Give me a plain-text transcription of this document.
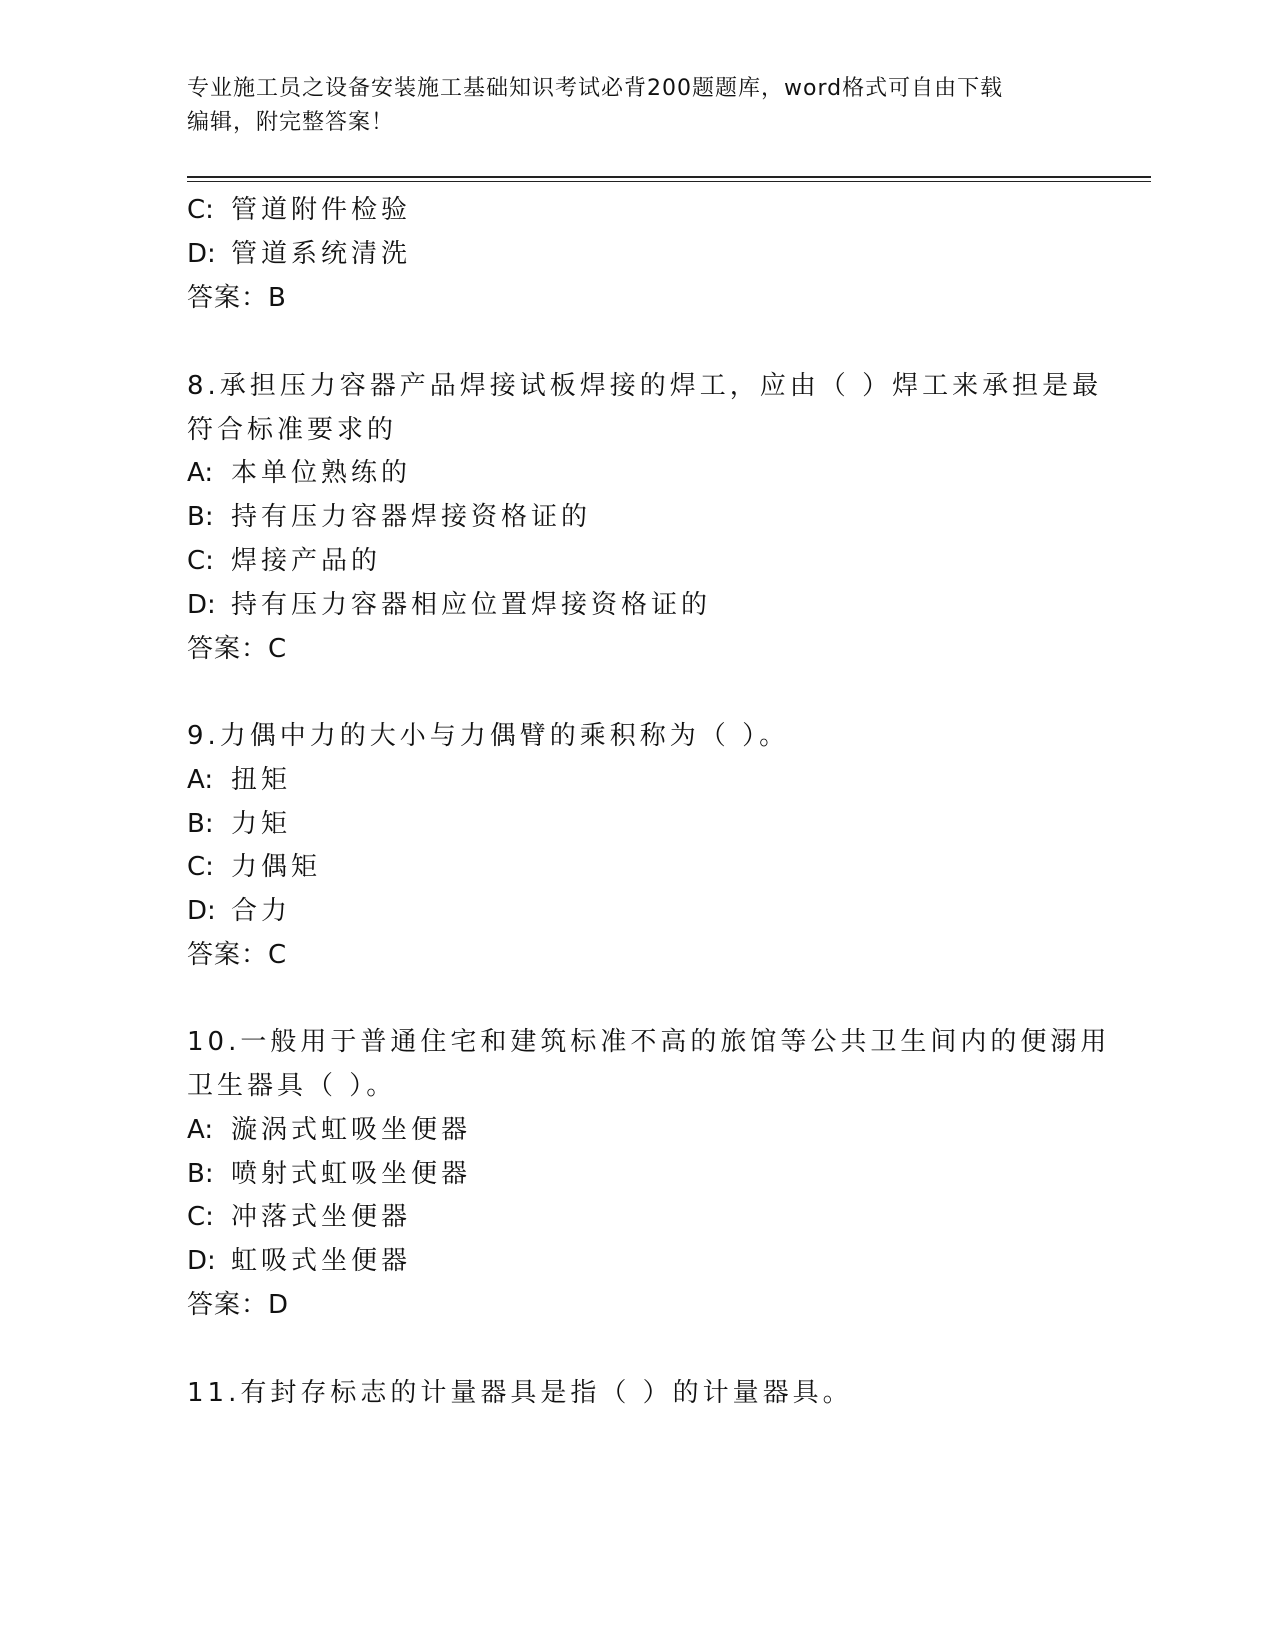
专业施工员之设备安装施工基础知识考试必背200题题库，word格式可自由下载
编辑，附完整答案！
C: 管道附件检验
D: 管道系统清洗
答案：B
8.承担压力容器产品焊接试板焊接的焊工，应由（ ）焊工来承担是最
符合标准要求的
A: 本单位熟练的
B: 持有压力容器焊接资格证的
C: 焊接产品的
D: 持有压力容器相应位置焊接资格证的
答案：C
9.力偶中力的大小与力偶臂的乘积称为（ ）。
A: 扭矩
B: 力矩
C: 力偶矩
D: 合力
答案：C
10.一般用于普通住宅和建筑标准不高的旅馆等公共卫生间内的便溺用
卫生器具（ ）。
A: 漩涡式虹吸坐便器
B: 喷射式虹吸坐便器
C: 冲落式坐便器
D: 虹吸式坐便器
答案：D
11.有封存标志的计量器具是指（ ）的计量器具。
